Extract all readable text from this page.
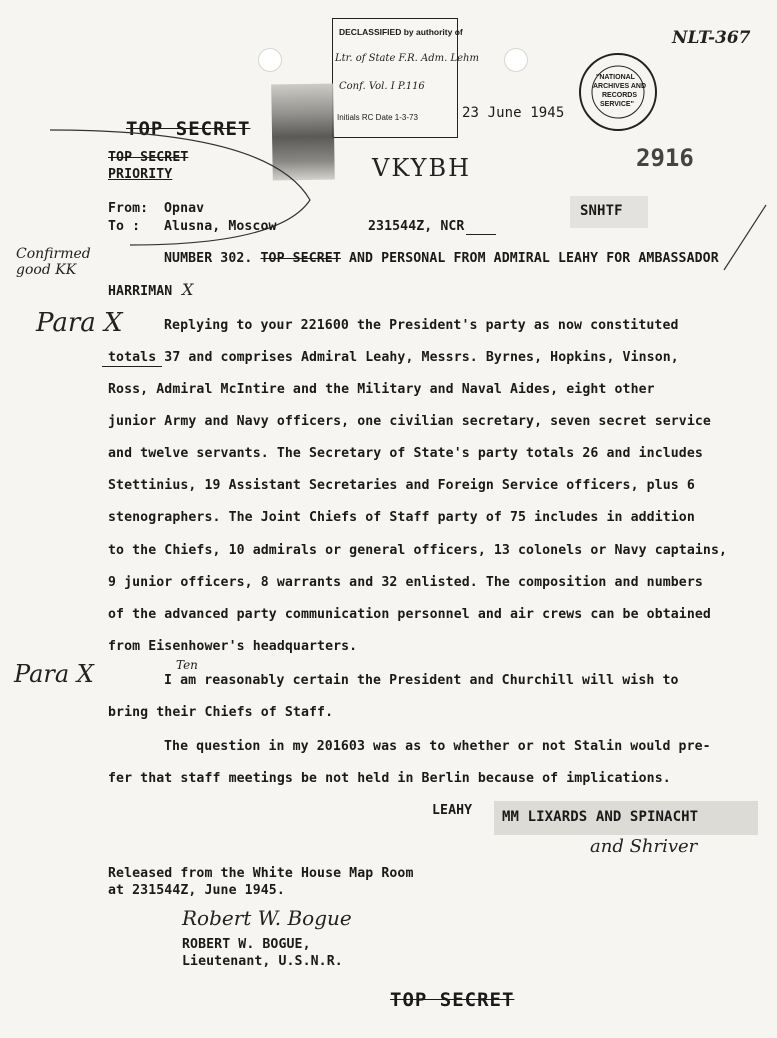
NLT-367
DECLASSIFIED by authority of
Ltr. of State F.R. Adm. Lehm
Conf. Vol. I P.116
Initials RC Date 1-3-73	23 June 1945
"NATIONAL
ARCHIVES AND
RECORDS
SERVICE"
TOP SECRET
2916
TOP SECRET
PRIORITY	VKYBH
SNHTF
From: Opnav
To : Alusna, Moscow	231544Z, NCR
Confirmed good KK
NUMBER 302. TOP SECRET AND PERSONAL FROM ADMIRAL LEAHY FOR AMBASSADOR
HARRIMAN X
Para X	Replying to your 221600 the President's party as now constituted
totals 37 and comprises Admiral Leahy, Messrs. Byrnes, Hopkins, Vinson,
Ross, Admiral McIntire and the Military and Naval Aides, eight other
junior Army and Navy officers, one civilian secretary, seven secret service
and twelve servants. The Secretary of State's party totals 26 and includes
Stettinius, 19 Assistant Secretaries and Foreign Service officers, plus 6
stenographers. The Joint Chiefs of Staff party of 75 includes in addition
to the Chiefs, 10 admirals or general officers, 13 colonels or Navy captains,
9 junior officers, 8 warrants and 32 enlisted. The composition and numbers
of the advanced party communication personnel and air crews can be obtained
from Eisenhower's headquarters.
Para X	Ten
I am reasonably certain the President and Churchill will wish to
bring their Chiefs of Staff.
The question in my 201603 was as to whether or not Stalin would pre-
fer that staff meetings be not held in Berlin because of implications.
LEAHY MM LIXARDS AND SPINACHT
and Shriver
Released from the White House Map Room
at 231544Z, June 1945.
Robert W. Bogue
ROBERT W. BOGUE,
Lieutenant, U.S.N.R.
TOP SECRET
